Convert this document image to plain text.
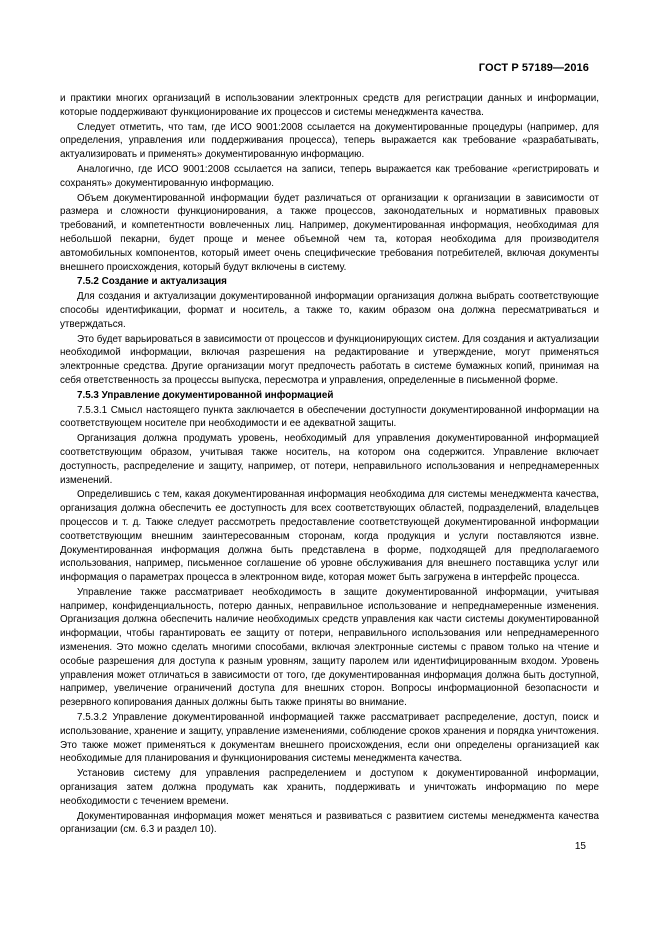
ГОСТ Р 57189—2016

и практики многих организаций в использовании электронных средств для регистрации данных и информации, которые поддерживают функционирование их процессов и системы менеджмента качества.

Следует отметить, что там, где ИСО 9001:2008 ссылается на документированные процедуры (например, для определения, управления или поддерживания процесса), теперь выражается как требование «разрабатывать, актуализировать и применять» документированную информацию.

Аналогично, где ИСО 9001:2008 ссылается на записи, теперь выражается как требование «регистрировать и сохранять» документированную информацию.

Объем документированной информации будет различаться от организации к организации в зависимости от размера и сложности функционирования, а также процессов, законодательных и нормативных правовых требований, и компетентности вовлеченных лиц. Например, документированная информация, необходимая для небольшой пекарни, будет проще и менее объемной чем та, которая необходима для производителя автомобильных компонентов, который имеет очень специфические требования потребителей, включая документы внешнего происхождения, который будут включены в систему.

7.5.2 Создание и актуализация

Для создания и актуализации документированной информации организация должна выбрать соответствующие способы идентификации, формат и носитель, а также то, каким образом она должна пересматриваться и утверждаться.

Это будет варьироваться в зависимости от процессов и функционирующих систем. Для создания и актуализации необходимой информации, включая разрешения на редактирование и утверждение, могут применяться электронные средства. Другие организации могут предпочесть работать в системе бумажных копий, принимая на себя ответственность за процессы выпуска, пересмотра и управления, определенные в письменной форме.

7.5.3 Управление документированной информацией

7.5.3.1 Смысл настоящего пункта заключается в обеспечении доступности документированной информации на соответствующем носителе при необходимости и ее адекватной защиты.

Организация должна продумать уровень, необходимый для управления документированной информацией соответствующим образом, учитывая также носитель, на котором она содержится. Управление включает доступность, распределение и защиту, например, от потери, неправильного использования и непреднамеренных изменений.

Определившись с тем, какая документированная информация необходима для системы менеджмента качества, организация должна обеспечить ее доступность для всех соответствующих областей, подразделений, владельцев процессов и т. д. Также следует рассмотреть предоставление соответствующей документированной информации соответствующим внешним заинтересованным сторонам, когда продукция и услуги поставляются извне. Документированная информация должна быть представлена в форме, подходящей для предполагаемого использования, например, письменное соглашение об уровне обслуживания для внешнего поставщика услуг или информация о параметрах процесса в электронном виде, которая может быть загружена в интерфейс процесса.

Управление также рассматривает необходимость в защите документированной информации, учитывая например, конфиденциальность, потерю данных, неправильное использование и непреднамеренные изменения. Организация должна обеспечить наличие необходимых средств управления как части системы документированной информации, чтобы гарантировать ее защиту от потери, неправильного использования или непреднамеренного изменения. Это можно сделать многими способами, включая электронные системы с правом только на чтение и особые разрешения для доступа к разным уровням, защиту паролем или идентифицированным входом. Уровень управления может отличаться в зависимости от того, где документированная информация должна быть доступной, например, увеличение ограничений доступа для внешних сторон. Вопросы информационной безопасности и резервного копирования данных должны быть также приняты во внимание.

7.5.3.2 Управление документированной информацией также рассматривает распределение, доступ, поиск и использование, хранение и защиту, управление изменениями, соблюдение сроков хранения и порядка уничтожения. Это также может применяться к документам внешнего происхождения, если они определены организацией как необходимые для планирования и функционирования системы менеджмента качества.

Установив систему для управления распределением и доступом к документированной информации, организация затем должна продумать как хранить, поддерживать и уничтожать информацию по мере необходимости с течением времени.

Документированная информация может меняться и развиваться с развитием системы менеджмента качества организации (см. 6.3 и раздел 10).

15
